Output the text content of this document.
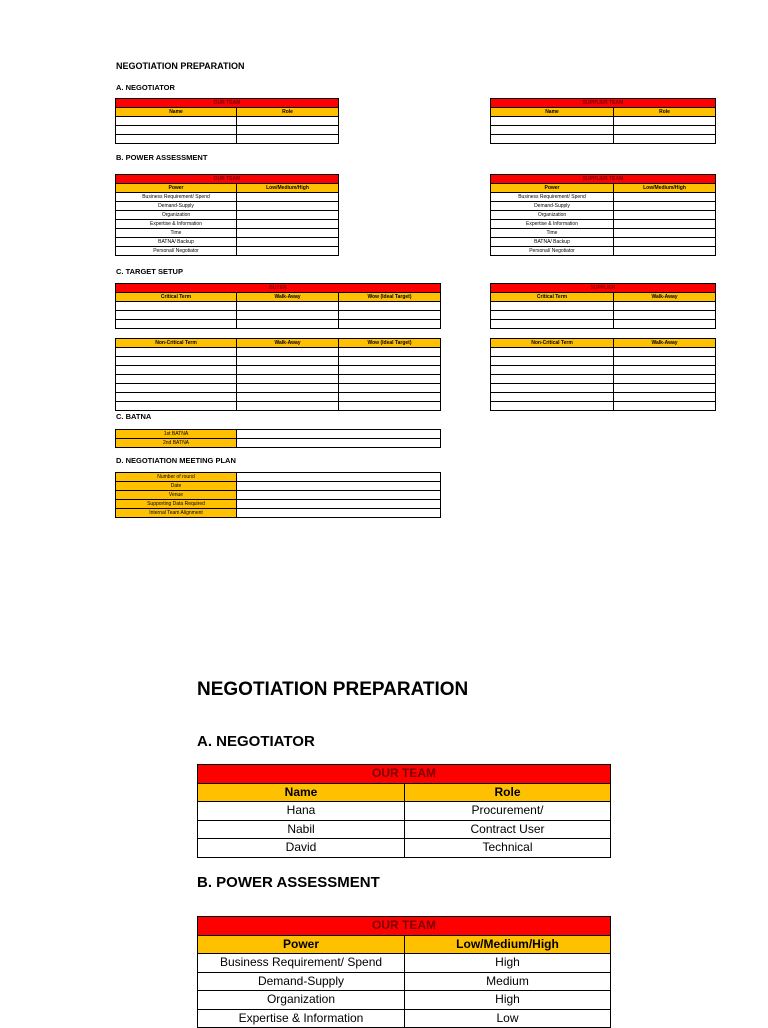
NEGOTIATION PREPARATION
A. NEGOTIATOR
OUR TEAM	
Name	Role

SUPPLIER TEAM	
Name	Role

B. POWER ASSESSMENT
OUR TEAM	
Power	Low/Medium/High
Business Requirement/ Spend	
Demand-Supply	
Organization	
Expertise & Information	
Time	
BATNA/ Backup	
Personal/ Negotiator	
SUPPLIER TEAM	
Power	Low/Medium/High
Business Requirement/ Spend	
Demand-Supply	
Organization	
Expertise & Information	
Time	
BATNA/ Backup	
Personal/ Negotiator	
C. TARGET SETUP
BUYER		
Critical Term	Walk-Away	Wow (Ideal Target)

SUPPLIER	
Critical Term	Walk-Away

Non-Critical Term	Walk-Away	Wow (Ideal Target)

			Non-Critical Term	Walk-Away

C. BATNA
1st BATNA	
2nd BATNA	
D. NEGOTIATION MEETING PLAN
Number of round	
Date	
Venue	
Supporting Data Required	
Internal Team Alignment	
NEGOTIATION PREPARATION
A. NEGOTIATOR
OUR TEAM	
Name	Role
Hana	Procurement/
Nabil	Contract User
David	Technical
B. POWER ASSESSMENT
OUR TEAM	
Power	Low/Medium/High
Business Requirement/ Spend	High
Demand-Supply	Medium
Organization	High
Expertise & Information	Low
